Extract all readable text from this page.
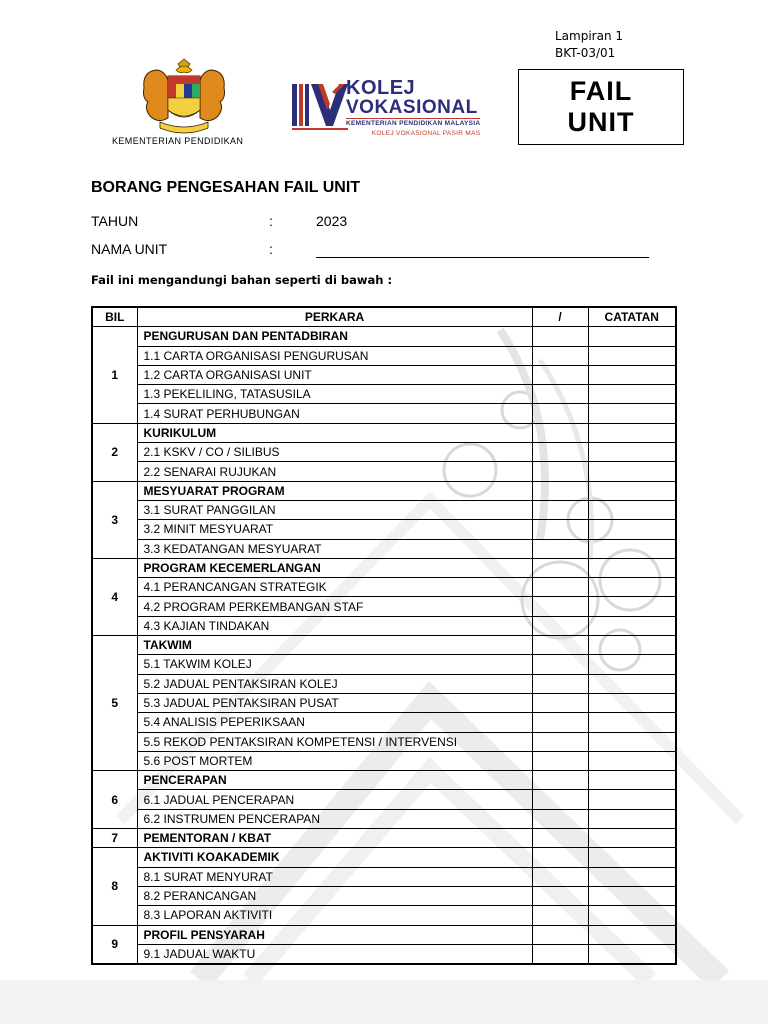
Lampiran 1
BKT-03/01
FAIL
UNIT
KEMENTERIAN PENDIDIKAN
KOLEJ
VOKASIONAL
KEMENTERIAN PENDIDIKAN MALAYSIA
KOLEJ VOKASIONAL PASIR MAS
BORANG PENGESAHAN FAIL UNIT
TAHUN	:	2023
NAMA UNIT	:
Fail ini mengandungi bahan seperti di bawah :
BIL	PERKARA	/	CATATAN
1	PENGURUSAN DAN PENTADBIRAN		
	1.1 CARTA ORGANISASI PENGURUSAN		
	1.2 CARTA ORGANISASI UNIT		
	1.3 PEKELILING, TATASUSILA		
	1.4 SURAT PERHUBUNGAN		
2	KURIKULUM		
	2.1 KSKV / CO / SILIBUS		
	2.2 SENARAI RUJUKAN		
3	MESYUARAT PROGRAM		
	3.1 SURAT PANGGILAN		
	3.2 MINIT MESYUARAT		
	3.3 KEDATANGAN MESYUARAT		
4	PROGRAM KECEMERLANGAN		
	4.1 PERANCANGAN STRATEGIK		
	4.2 PROGRAM PERKEMBANGAN STAF		
	4.3 KAJIAN TINDAKAN		
5	TAKWIM		
	5.1 TAKWIM KOLEJ		
	5.2 JADUAL PENTAKSIRAN KOLEJ		
	5.3 JADUAL PENTAKSIRAN PUSAT		
	5.4 ANALISIS PEPERIKSAAN		
	5.5 REKOD PENTAKSIRAN KOMPETENSI / INTERVENSI		
	5.6 POST MORTEM		
6	PENCERAPAN		
	6.1 JADUAL PENCERAPAN		
	6.2 INSTRUMEN PENCERAPAN		
7	PEMENTORAN / KBAT		
8	AKTIVITI KOAKADEMIK		
	8.1 SURAT MENYURAT		
	8.2 PERANCANGAN		
	8.3 LAPORAN AKTIVITI		
9	PROFIL PENSYARAH		
	9.1 JADUAL WAKTU		
